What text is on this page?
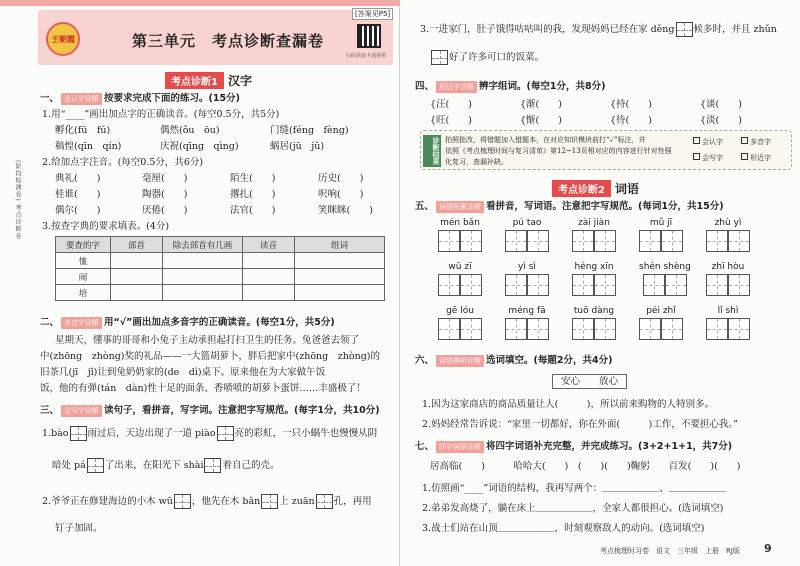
王朝霞	第三单元　考点诊断查漏卷
[答案见P5]
扫码获取卡通视频
(阶段检测卷) 考点诊断卷
考点诊断1 汉字
一、 会认字诊断 按要求完成下面的练习。(15分)
1.用“____”画出加点字的正确读音。(每空0.5分，共5分)
孵化(fū　fú)	偶然(ǒu　ōu)	门缝(féng　fèng)
稿惶(qīn　qín)	庆祝(qīng　qìng)	蜗居(jū　jǔ)
2.给加点字注音。(每空0.5分，共6分)
典礼(　　)	毫厘(　　)	陌生(　　)	历史(　　)
桂谁(　　)	陶器(　　)	撂扎(　　)	呎响(　　)
偶尔(　　)	厌倦(　　)	法官(　　)	笑眯眯(　　)
3.按查字典的要求填表。(4分)
要查的字	部首	除去部首有几画	读音	组词
恤				
闹				
培				
二、 多音字诊断 用“√”画出加点多音字的正确读音。(每空1分，共5分)
星期天，懂事的哥哥和小兔子主动承担起打扫卫生的任务。兔爸爸去领了
中(zhōng　zhòng)奖的礼品——一大篮胡萝卜，胖后把家中(zhōng　zhòng)的
旧茶几(jī　jǐ)让到兔奶奶家的(de　dì)桌下。原来他在为大家做午饭
饭，他的有弹(tán　dàn)性十足的面条、香喷喷的胡萝卜蛋饼……丰盛极了！
三、 会写字诊断 读句子，看拼音，写字词。注意把字写规范。(每字1分，共10分)
1.bào 雨过后，天边出现了一道 piào 亮的彩虹，一只小蜗牛也慢慢从阴
暗处 pá 了出来，在阳光下 shài 着自己的壳。
2.爷爷正在修建海边的小木 wū ，他先在木 bǎn 上 zuān 孔，再用
钉子加固。
3.一进家门，肚子饿得咕咕叫的我，发现妈妈已经在家 děng 候多时，并且 zhǔn
好了许多可口的饭菜。
四、 形近字诊断 辨字组词。(每空1分，共8分)
{汪(　　)	{渐(　　)	{持(　　)	{谈(　　)
{旺(　　)	{惭(　　)	{待(　　)	{淡(　　)
诊断结果 拍照批改，将错题加入错题本，在对应知识模块前打“✓”标注，并
依照《考点梳理时间与复习清单》第12~13页相对应的内容进行针对性强
化复习，查漏补缺。
会认字	多音字
会写字	形近字
考点诊断2 词语
五、 词语积累诊断 看拼音，写词语。注意把字写规范。(每词1分，共15分)
mén bǎn	pú tao	zài jiàn	mǔ jī	zhù yì
wū zī	yì sì	héng xīn	shén shèng	zhī hòu
gē lóu	méng fā	tuō dàng	péi zhǐ	lǐ shì
六、 词语辨析诊断 选词填空。(每题2分，共4分)
安心　　放心
1.因为这家商店的商品质量让人(　　　)，所以前来购物的人特别多。
2.妈妈经常告诉说：“家里一切都好，你在外面(　　　)工作，不要担心我。”
七、 四字词语诊断 将四字词语补充完整，并完成练习。(3+2+1+1，共7分)
居高临(　　)　　　哈哈大(　　)　(　　)(　　)鞠躬　　百发(　　)(　　)
1.仿照画“____”词语的结构，我再写两个：＿＿＿＿＿＿、＿＿＿＿＿＿
2.弟弟发高烧了，躺在床上＿＿＿＿＿＿，全家人都很担心。(选词填空)
3.战士们站在山顶＿＿＿＿＿＿，时刻观察敌人的动向。(选词填空)
考点梳理时习卷　语文　三年级　上册　RJ版 9
